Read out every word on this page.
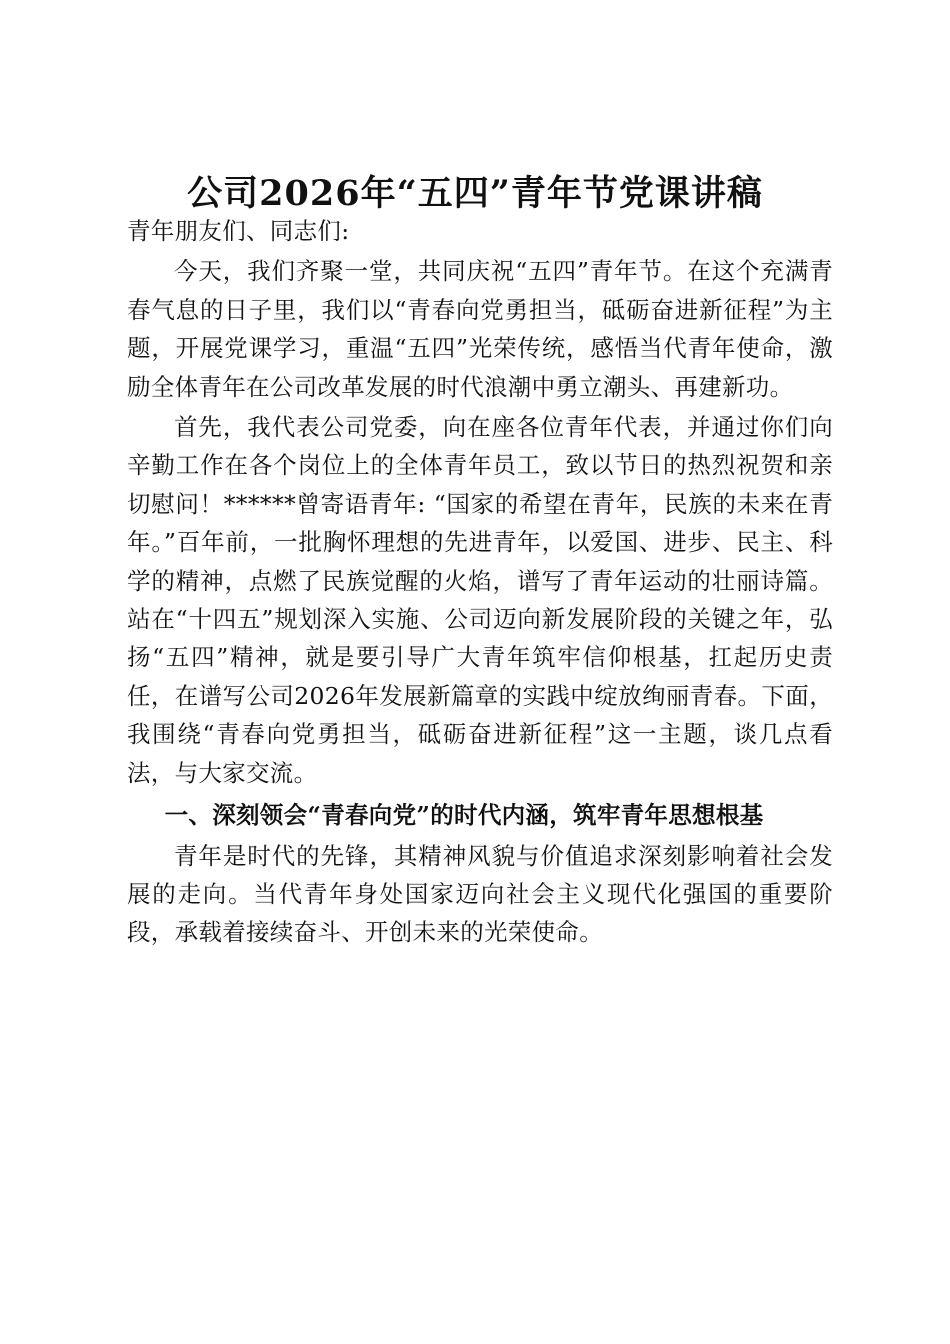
公司2026年“五四”青年节党课讲稿

青年朋友们、同志们:

今天，我们齐聚一堂，共同庆祝“五四”青年节。在这个充满青春气息的日子里，我们以“青春向党勇担当，砥砺奋进新征程”为主题，开展党课学习，重温“五四”光荣传统，感悟当代青年使命，激励全体青年在公司改革发展的时代浪潮中勇立潮头、再建新功。

首先，我代表公司党委，向在座各位青年代表，并通过你们向辛勤工作在各个岗位上的全体青年员工，致以节日的热烈祝贺和亲切慰问！******曾寄语青年: “国家的希望在青年，民族的未来在青年。”百年前，一批胸怀理想的先进青年，以爱国、进步、民主、科学的精神，点燃了民族觉醒的火焰，谱写了青年运动的壮丽诗篇。站在“十四五”规划深入实施、公司迈向新发展阶段的关键之年，弘扬“五四”精神，就是要引导广大青年筑牢信仰根基，扛起历史责任，在谱写公司2026年发展新篇章的实践中绽放绚丽青春。下面，我围绕“青春向党勇担当，砥砺奋进新征程”这一主题，谈几点看法，与大家交流。

一、深刻领会“青春向党”的时代内涵，筑牢青年思想根基

青年是时代的先锋，其精神风貌与价值追求深刻影响着社会发展的走向。当代青年身处国家迈向社会主义现代化强国的重要阶段，承载着接续奋斗、开创未来的光荣使命。
